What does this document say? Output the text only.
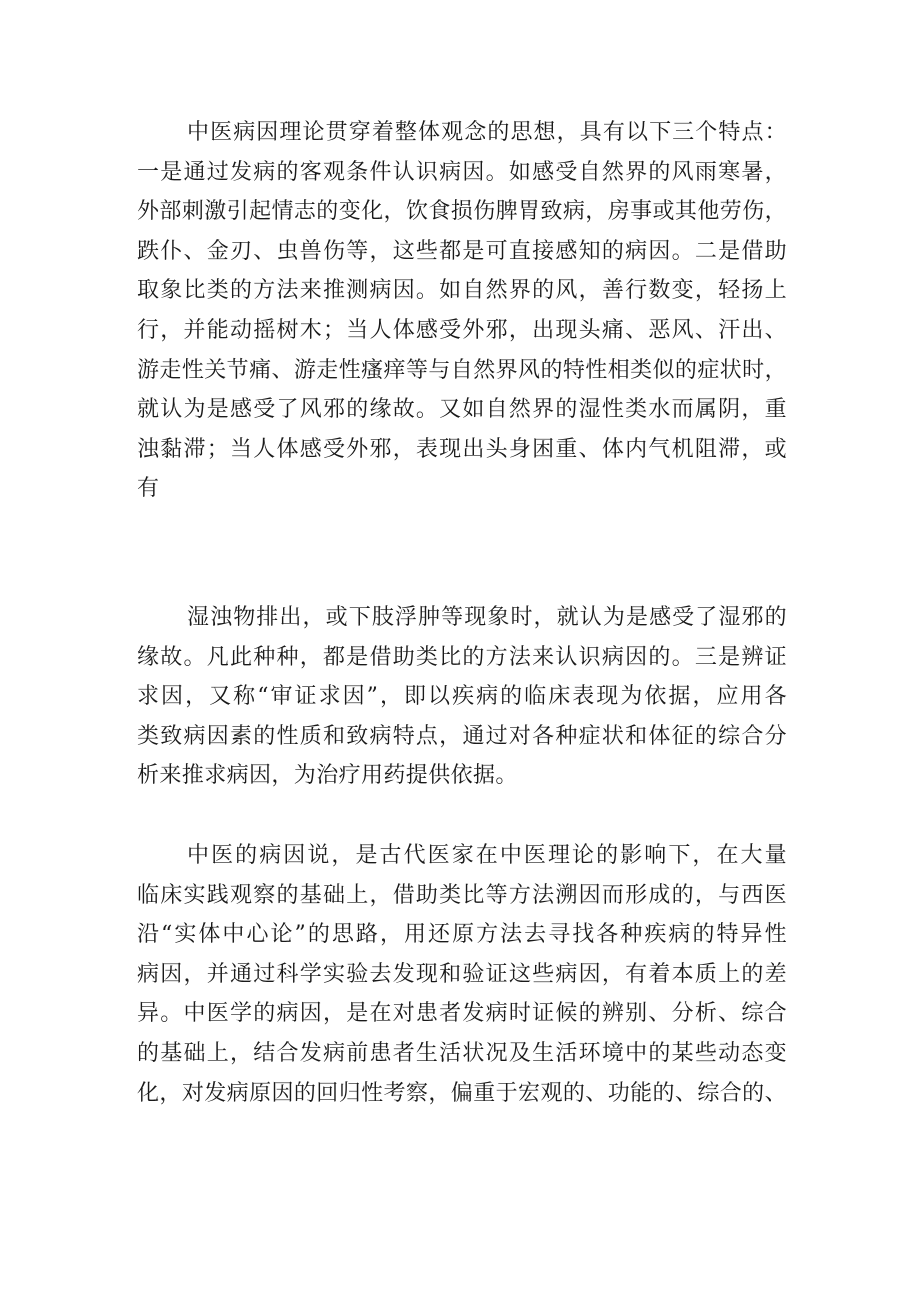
中医病因理论贯穿着整体观念的思想，具有以下三个特点：
一是通过发病的客观条件认识病因。如感受自然界的风雨寒暑，
外部刺激引起情志的变化，饮食损伤脾胃致病，房事或其他劳伤，
跌仆、金刃、虫兽伤等，这些都是可直接感知的病因。二是借助
取象比类的方法来推测病因。如自然界的风，善行数变，轻扬上
行，并能动摇树木；当人体感受外邪，出现头痛、恶风、汗出、
游走性关节痛、游走性瘙痒等与自然界风的特性相类似的症状时，
就认为是感受了风邪的缘故。又如自然界的湿性类水而属阴，重
浊黏滞；当人体感受外邪，表现出头身困重、体内气机阻滞，或
有
湿浊物排出，或下肢浮肿等现象时，就认为是感受了湿邪的
缘故。凡此种种，都是借助类比的方法来认识病因的。三是辨证
求因，又称“审证求因”，即以疾病的临床表现为依据，应用各
类致病因素的性质和致病特点，通过对各种症状和体征的综合分
析来推求病因，为治疗用药提供依据。
中医的病因说，是古代医家在中医理论的影响下，在大量
临床实践观察的基础上，借助类比等方法溯因而形成的，与西医
沿“实体中心论”的思路，用还原方法去寻找各种疾病的特异性
病因，并通过科学实验去发现和验证这些病因，有着本质上的差
异。中医学的病因，是在对患者发病时证候的辨别、分析、综合
的基础上，结合发病前患者生活状况及生活环境中的某些动态变
化，对发病原因的回归性考察，偏重于宏观的、功能的、综合的、
